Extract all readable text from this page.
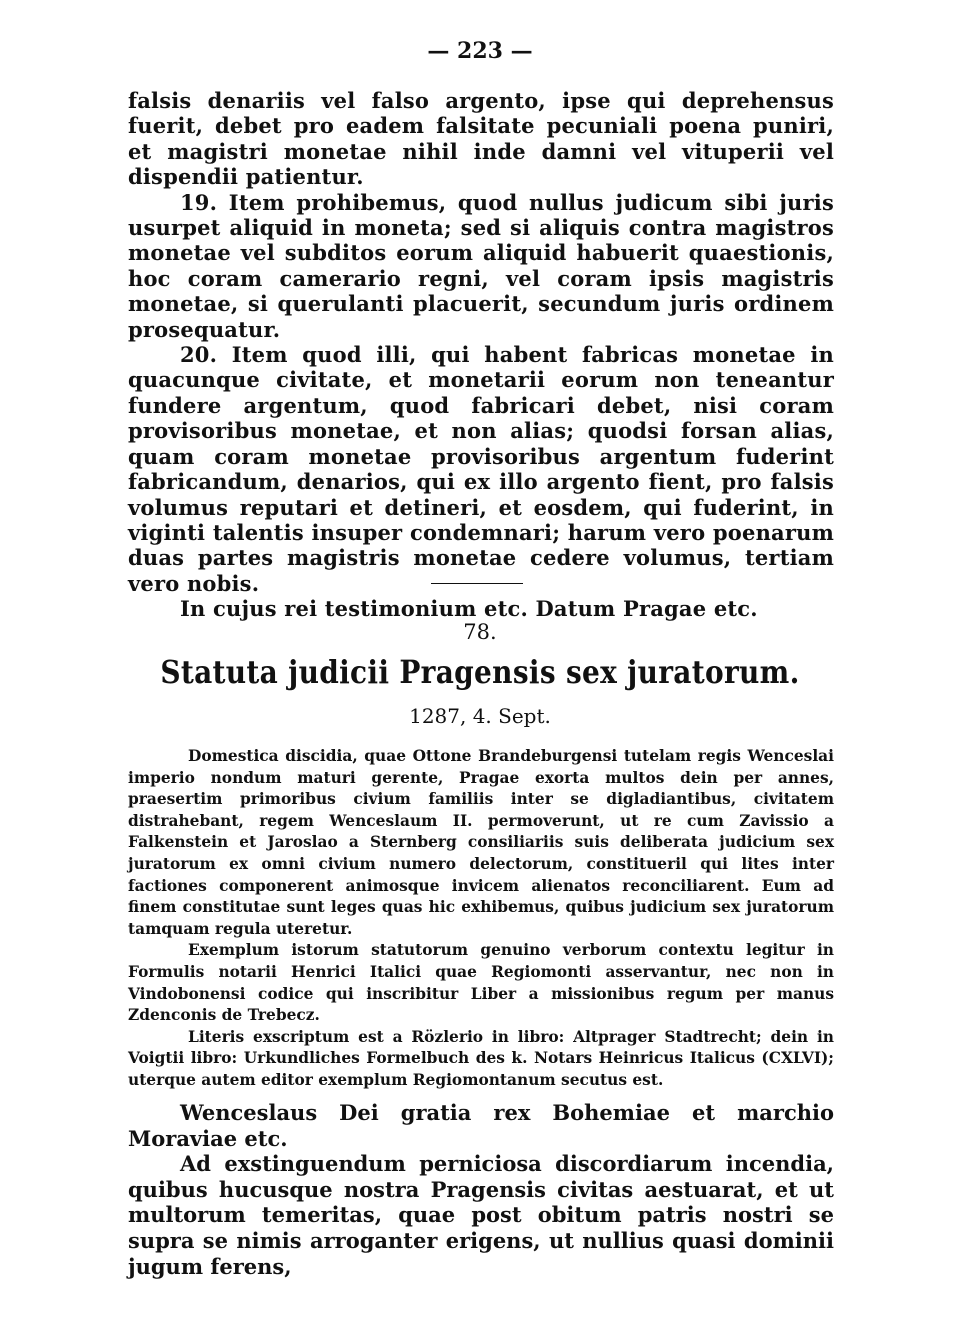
— 223 —

falsis denariis vel falso argento, ipse qui deprehensus fuerit, debet pro eadem falsitate pecuniali poena puniri, et magistri monetae nihil inde damni vel vituperii vel dispendii patientur.

19. Item prohibemus, quod nullus judicum sibi juris usurpet aliquid in moneta; sed si aliquis contra magistros monetae vel subditos eorum aliquid habuerit quaestionis, hoc coram camerario regni, vel coram ipsis magistris monetae, si querulanti placuerit, secundum juris ordinem prosequatur.

20. Item quod illi, qui habent fabricas monetae in quacunque civitate, et monetarii eorum non teneantur fundere argentum, quod fabricari debet, nisi coram provisoribus monetae, et non alias; quodsi forsan alias, quam coram monetae provisoribus argentum fuderint fabricandum, denarios, qui ex illo argento fient, pro falsis volumus reputari et detineri, et eosdem, qui fuderint, in viginti talentis insuper condemnari; harum vero poenarum duas partes magistris monetae cedere volumus, tertiam vero nobis.

In cujus rei testimonium etc. Datum Pragae etc.

78.
Statuta judicii Pragensis sex juratorum.
1287, 4. Sept.

Domestica discidia, quae Ottone Brandeburgensi tutelam regis Wenceslai imperio nondum maturi gerente, Pragae exorta multos dein per annes, praesertim primoribus civium familiis inter se digladiantibus, civitatem distrahebant, regem Wenceslaum II. permoverunt, ut re cum Zavissio a Falkenstein et Jaroslao a Sternberg consiliariis suis deliberata judicium sex juratorum ex omni civium numero delectorum, constitueril qui lites inter factiones componerent animosque invicem alienatos reconciliarent. Eum ad finem constitutae sunt leges quas hic exhibemus, quibus judicium sex juratorum tamquam regula uteretur.

Exemplum istorum statutorum genuino verborum contextu legitur in Formulis notarii Henrici Italici quae Regiomonti asservantur, nec non in Vindobonensi codice qui inscribitur Liber a missionibus regum per manus Zdenconis de Trebecz.

Literis exscriptum est a Rözlerio in libro: Altprager Stadtrecht; dein in Voigtii libro: Urkundliches Formelbuch des k. Notars Heinricus Italicus (CXLVI); uterque autem editor exemplum Regiomontanum secutus est.

Wenceslaus Dei gratia rex Bohemiae et marchio Moraviae etc.

Ad exstinguendum perniciosa discordiarum incendia, quibus hucusque nostra Pragensis civitas aestuarat, et ut multorum temeritas, quae post obitum patris nostri se supra se nimis arroganter erigens, ut nullius quasi dominii jugum ferens,
